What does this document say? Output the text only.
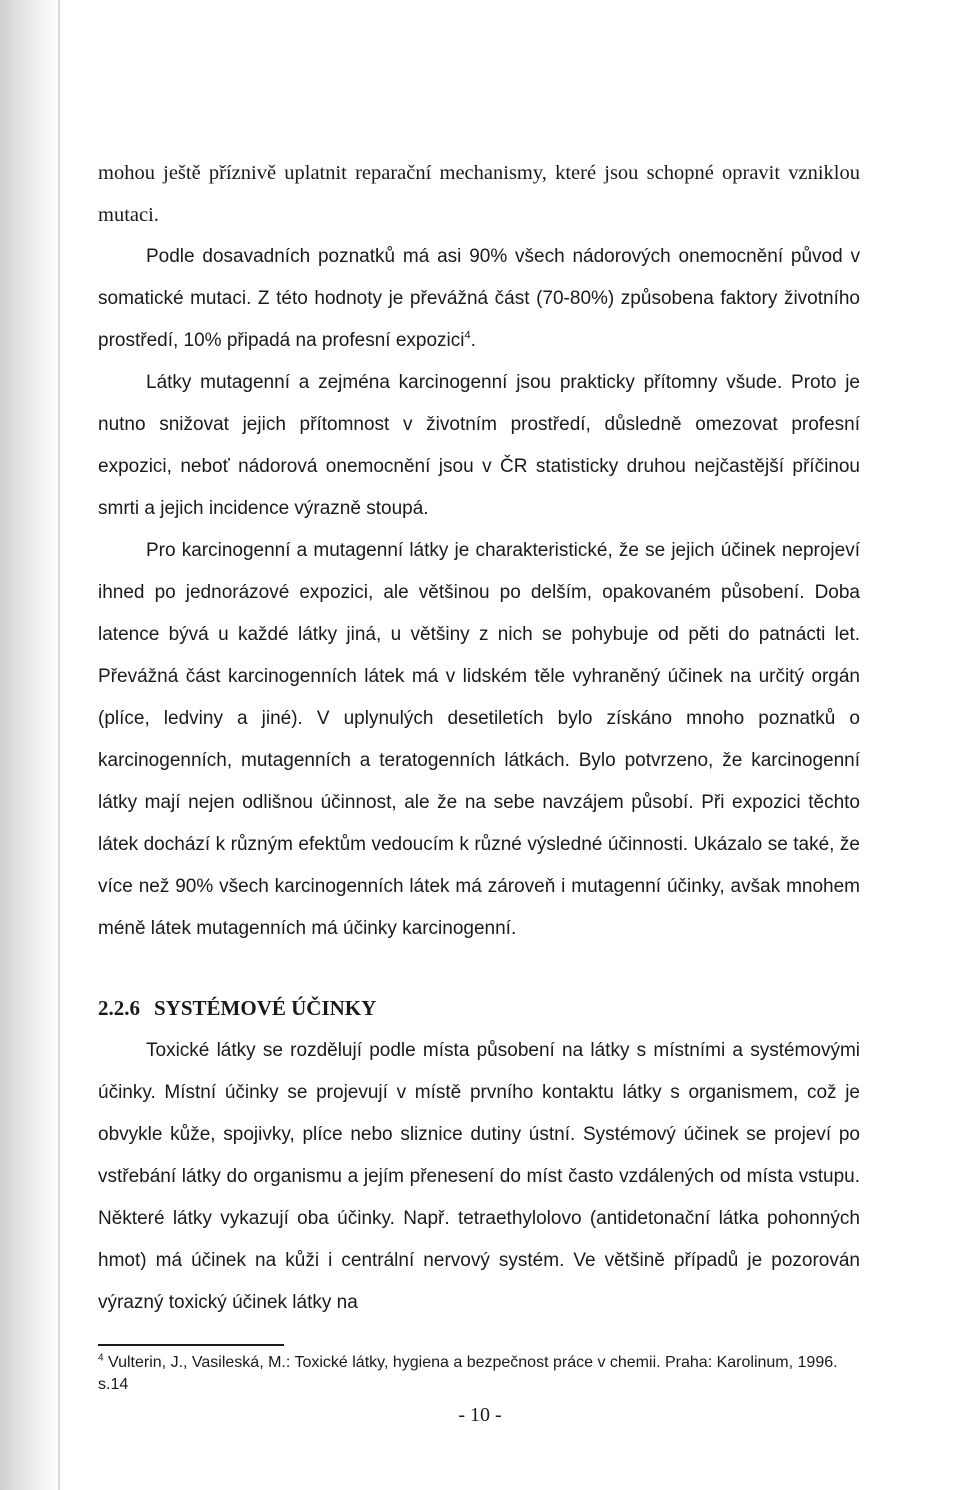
mohou ještě příznivě uplatnit reparační mechanismy, které jsou schopné opravit vzniklou mutaci.

Podle dosavadních poznatků má asi 90% všech nádorových onemocnění původ v somatické mutaci. Z této hodnoty je převážná část (70-80%) způsobena faktory životního prostředí, 10% připadá na profesní expozici$^4$.

Látky mutagenní a zejména karcinogenní jsou prakticky přítomny všude. Proto je nutno snižovat jejich přítomnost v životním prostředí, důsledně omezovat profesní expozici, neboť nádorová onemocnění jsou v ČR statisticky druhou nejčastější příčinou smrti a jejich incidence výrazně stoupá.

Pro karcinogenní a mutagenní látky je charakteristické, že se jejich účinek neprojeví ihned po jednorázové expozici, ale většinou po delším, opakovaném působení. Doba latence bývá u každé látky jiná, u většiny z nich se pohybuje od pěti do patnácti let. Převážná část karcinogenních látek má v lidském těle vyhraněný účinek na určitý orgán (plíce, ledviny a jiné). V uplynulých desetiletích bylo získáno mnoho poznatků o karcinogenních, mutagenních a teratogenních látkách. Bylo potvrzeno, že karcinogenní látky mají nejen odlišnou účinnost, ale že na sebe navzájem působí. Při expozici těchto látek dochází k různým efektům vedoucím k různé výsledné účinnosti. Ukázalo se také, že více než 90% všech karcinogenních látek má zároveň i mutagenní účinky, avšak mnohem méně látek mutagenních má účinky karcinogenní.

2.2.6 SYSTÉMOVÉ ÚČINKY

Toxické látky se rozdělují podle místa působení na látky s místními a systémovými účinky. Místní účinky se projevují v místě prvního kontaktu látky s organismem, což je obvykle kůže, spojivky, plíce nebo sliznice dutiny ústní. Systémový účinek se projeví po vstřebání látky do organismu a jejím přenesení do míst často vzdálených od místa vstupu. Některé látky vykazují oba účinky. Např. tetraethylolovo (antidetonační látka pohonných hmot) má účinek na kůži i centrální nervový systém. Ve většině případů je pozorován výrazný toxický účinek látky na

$^4$ Vulterin, J., Vasileská, M.: Toxické látky, hygiena a bezpečnost práce v chemii. Praha: Karolinum, 1996. s.14

- 10 -
